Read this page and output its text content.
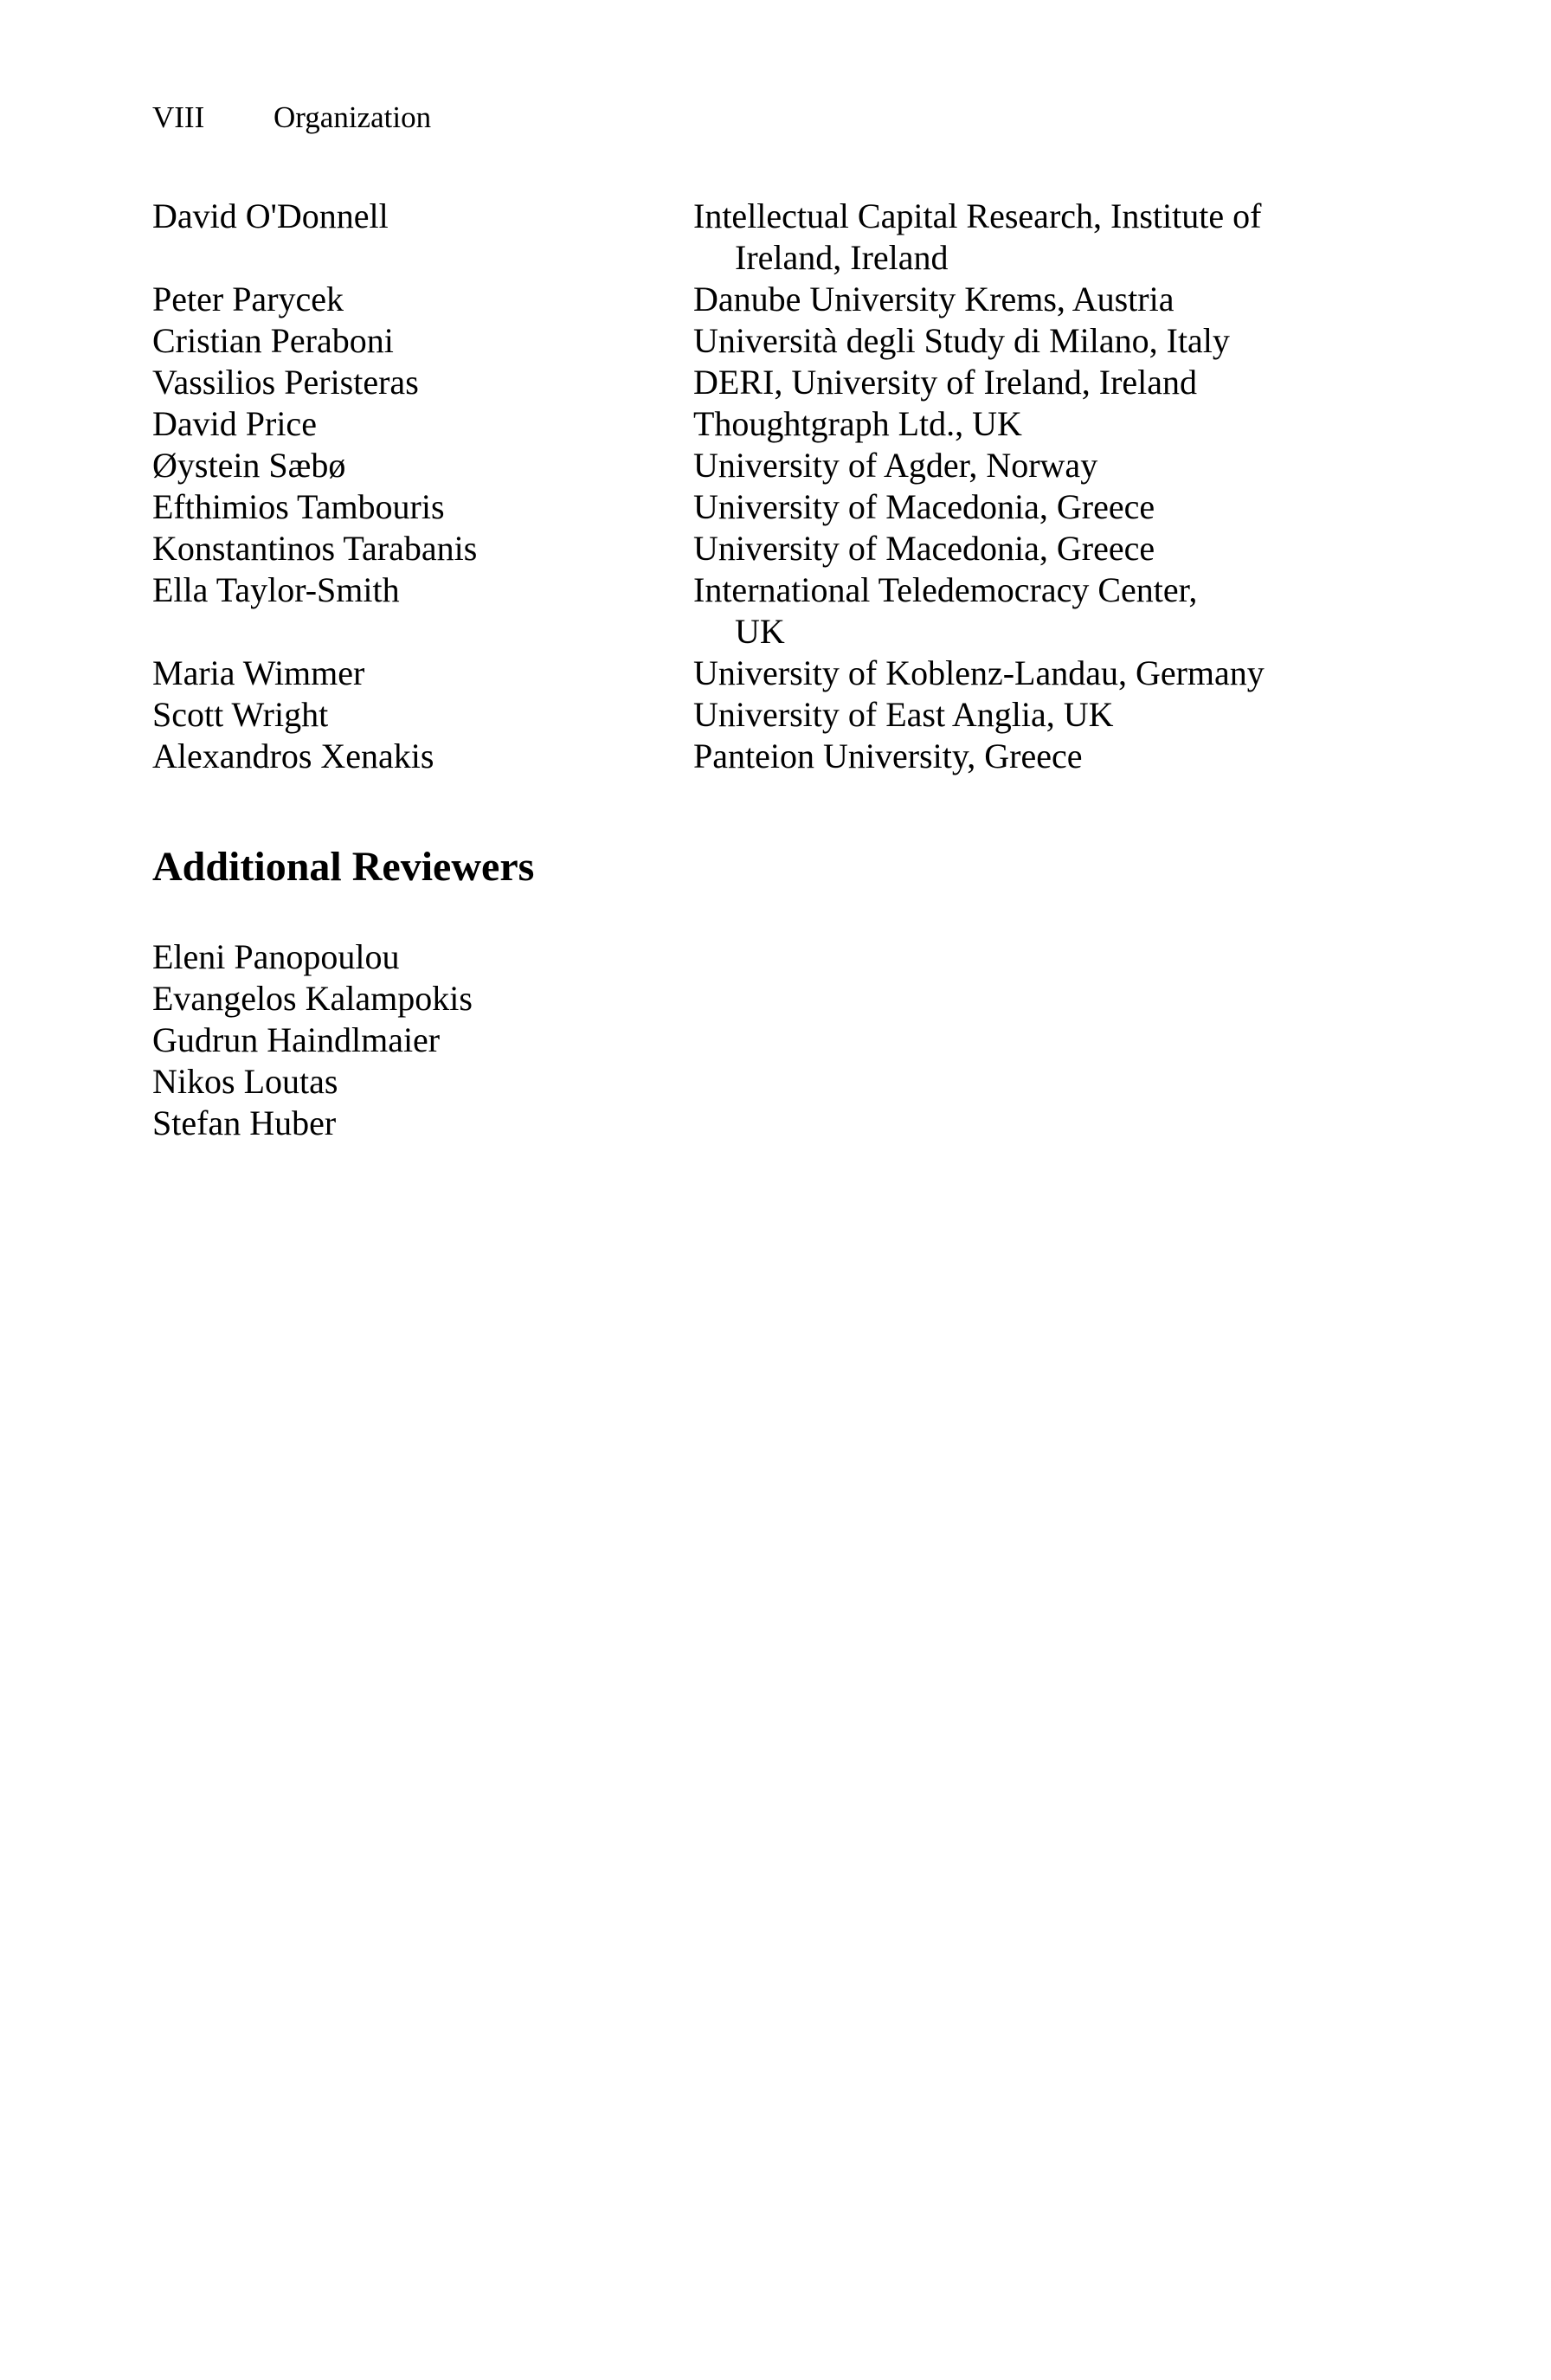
VIII Organization
David O'Donnell	Intellectual Capital Research, Institute of
Ireland, Ireland
Peter Parycek	Danube University Krems, Austria
Cristian Peraboni	Università degli Study di Milano, Italy
Vassilios Peristeras	DERI, University of Ireland, Ireland
David Price	Thoughtgraph Ltd., UK
Øystein Sæbø	University of Agder, Norway
Efthimios Tambouris	University of Macedonia, Greece
Konstantinos Tarabanis	University of Macedonia, Greece
Ella Taylor-Smith	International Teledemocracy Center,
UK
Maria Wimmer	University of Koblenz-Landau, Germany
Scott Wright	University of East Anglia, UK
Alexandros Xenakis	Panteion University, Greece
Additional Reviewers
Eleni Panopoulou
Evangelos Kalampokis
Gudrun Haindlmaier
Nikos Loutas
Stefan Huber
